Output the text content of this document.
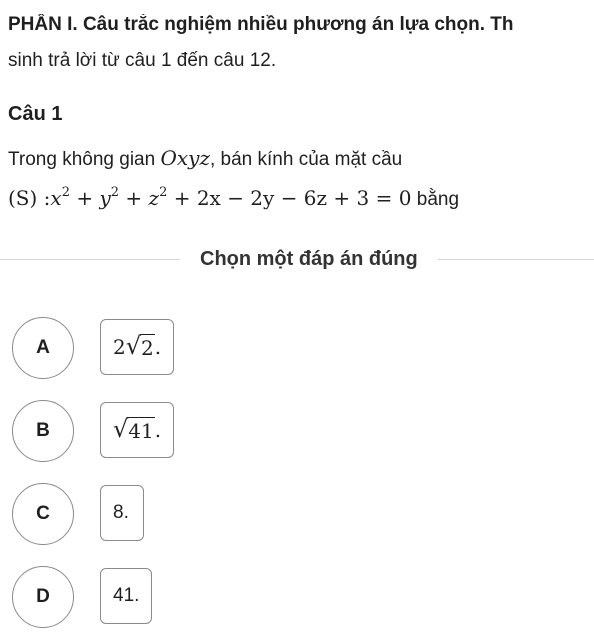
PHẦN I. Câu trắc nghiệm nhiều phương án lựa chọn. Th
sinh trả lời từ câu 1 đến câu 12.
Câu 1
Trong không gian Oxyz, bán kính của mặt cầu
(S) $:x^2 + y^2 + z^2 + 2x - 2y - 6z + 3 = 0$ bằng
Chọn một đáp án đúng
A	2 √ 2 .
B	√ 41 .
C	8.
D	41.
